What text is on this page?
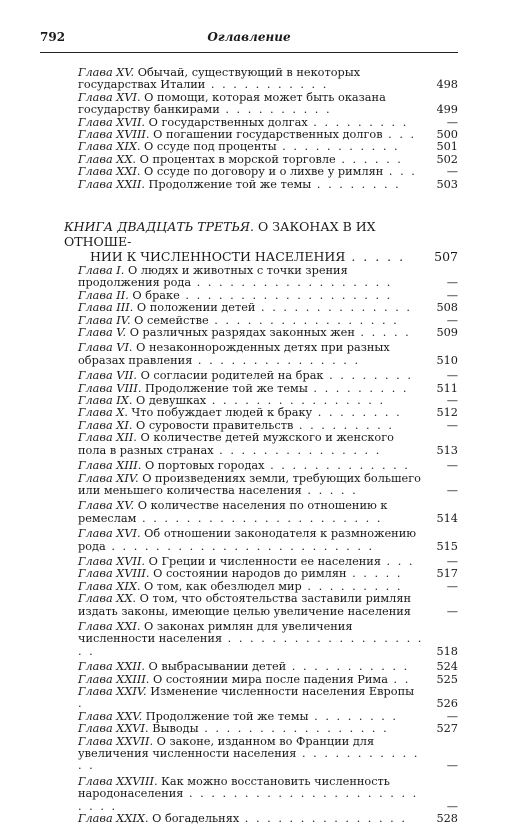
792	Оглавление
Глава XV. Обычай, существующий в некоторых государствах Италии . . . . . . . . . . .	498
Глава XVI. О помощи, которая может быть оказана государству банкирами . . . . . . . . . .	499
Глава XVII. О государственных долгах . . . . . . . . .	—
Глава XVIII. О погашении государственных долгов . . .	500
Глава XIX. О ссуде под проценты . . . . . . . . . . .	501
Глава XX. О процентах в морской торговле . . . . . .	502
Глава XXI. О ссуде по договору и о лихве у римлян . . .	—
Глава XXII. Продолжение той же темы . . . . . . . .	503
КНИГА ДВАДЦАТЬ ТРЕТЬЯ. О ЗАКОНАХ В ИХ ОТНОШЕ-
НИИ К ЧИСЛЕННОСТИ НАСЕЛЕНИЯ . . . . .	507
Глава I. О людях и животных с точки зрения продолжения рода . . . . . . . . . . . . . . . . . .	—
Глава II. О браке . . . . . . . . . . . . . . . . . . .	—
Глава III. О положении детей . . . . . . . . . . . . . .	508
Глава IV. О семействе . . . . . . . . . . . . . . . . .	—
Глава V. О различных разрядах законных жен . . . . .	509
Глава VI. О незаконнорожденных детях при разных образах правления . . . . . . . . . . . . . . .	510
Глава VII. О согласии родителей на брак . . . . . . . .	—
Глава VIII. Продолжение той же темы . . . . . . . . .	511
Глава IX. О девушках . . . . . . . . . . . . . . . .	—
Глава X. Что побуждает людей к браку . . . . . . . .	512
Глава XI. О суровости правительств . . . . . . . . .	—
Глава XII. О количестве детей мужского и женского пола в разных странах . . . . . . . . . . . . . . .	513
Глава XIII. О портовых городах . . . . . . . . . . . . .	—
Глава XIV. О произведениях земли, требующих большего или меньшего количества населения . . . . .	—
Глава XV. О количестве населения по отношению к ремеслам . . . . . . . . . . . . . . . . . . . . . .	514
Глава XVI. Об отношении законодателя к размножению рода . . . . . . . . . . . . . . . . . . . . . . . .	515
Глава XVII. О Греции и численности ее населения . . .	—
Глава XVIII. О состоянии народов до римлян . . . . .	517
Глава XIX. О том, как обезлюдел мир . . . . . . . . .	—
Глава XX. О том, что обстоятельства заставили римлян издать законы, имеющие целью увеличение населения	—
Глава XXI. О законах римлян для увеличения численности населения . . . . . . . . . . . . . . . . . . . .	518
Глава XXII. О выбрасывании детей . . . . . . . . . . .	524
Глава XXIII. О состоянии мира после падения Рима . .	525
Глава XXIV. Изменение численности населения Европы .	526
Глава XXV. Продолжение той же темы . . . . . . . .	—
Глава XXVI. Выводы . . . . . . . . . . . . . . . . .	527
Глава XXVII. О законе, изданном во Франции для увеличения численности населения . . . . . . . . . . . . .	—
Глава XXVIII. Как можно восстановить численность народонаселения . . . . . . . . . . . . . . . . . . . . . . . . .	—
Глава XXIX. О богадельнях . . . . . . . . . . . . . . .	528
